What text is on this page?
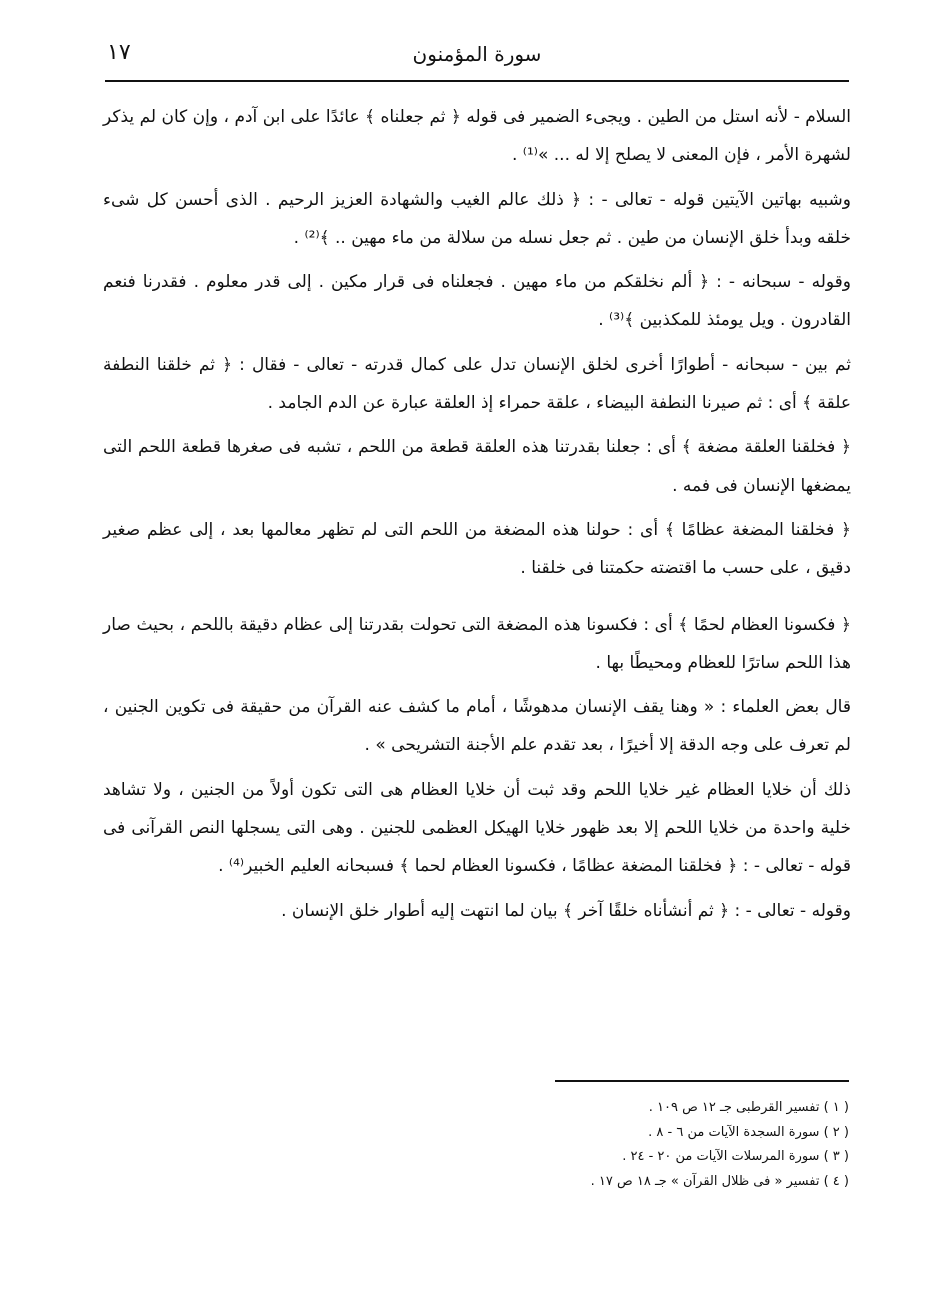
سورة المؤمنون
١٧

السلام - لأنه استل من الطين . ويجىء الضمير فى قوله ﴿ ثم جعلناه ﴾ عائدًا على ابن آدم ، وإن كان لم يذكر لشهرة الأمر ، فإن المعنى لا يصلح إلا له ... »⁽¹⁾ .

وشبيه بهاتين الآيتين قوله - تعالى - : ﴿ ذلك عالم الغيب والشهادة العزيز الرحيم . الذى أحسن كل شىء خلقه وبدأ خلق الإنسان من طين . ثم جعل نسله من سلالة من ماء مهين .. ﴾⁽²⁾ .

وقوله - سبحانه - : ﴿ ألم نخلقكم من ماء مهين . فجعلناه فى قرار مكين . إلى قدر معلوم . فقدرنا فنعم القادرون . ويل يومئذ للمكذبين ﴾⁽³⁾ .

ثم بين - سبحانه - أطوارًا أخرى لخلق الإنسان تدل على كمال قدرته - تعالى - فقال : ﴿ ثم خلقنا النطفة علقة ﴾ أى : ثم صيرنا النطفة البيضاء ، علقة حمراء إذ العلقة عبارة عن الدم الجامد .

﴿ فخلقنا العلقة مضغة ﴾ أى : جعلنا بقدرتنا هذه العلقة قطعة من اللحم ، تشبه فى صغرها قطعة اللحم التى يمضغها الإنسان فى فمه .

﴿ فخلقنا المضغة عظامًا ﴾ أى : حولنا هذه المضغة من اللحم التى لم تظهر معالمها بعد ، إلى عظم صغير دقيق ، على حسب ما اقتضته حكمتنا فى خلقنا .

﴿ فكسونا العظام لحمًا ﴾ أى : فكسونا هذه المضغة التى تحولت بقدرتنا إلى عظام دقيقة باللحم ، بحيث صار هذا اللحم ساترًا للعظام ومحيطًا بها .

قال بعض العلماء : « وهنا يقف الإنسان مدهوشًا ، أمام ما كشف عنه القرآن من حقيقة فى تكوين الجنين ، لم تعرف على وجه الدقة إلا أخيرًا ، بعد تقدم علم الأجنة التشريحى » .

ذلك أن خلايا العظام غير خلايا اللحم وقد ثبت أن خلايا العظام هى التى تكون أولاً من الجنين ، ولا تشاهد خلية واحدة من خلايا اللحم إلا بعد ظهور خلايا الهيكل العظمى للجنين . وهى التى يسجلها النص القرآنى فى قوله - تعالى - : ﴿ فخلقنا المضغة عظامًا ، فكسونا العظام لحما ﴾ فسبحانه العليم الخبير⁽⁴⁾ .

وقوله - تعالى - : ﴿ ثم أنشأناه خلقًا آخر ﴾ بيان لما انتهت إليه أطوار خلق الإنسان .

( ١ ) تفسير القرطبى جـ ١٢ ص ١٠٩ .

( ٢ ) سورة السجدة الآيات من ٦ - ٨ .

( ٣ ) سورة المرسلات الآيات من ٢٠ - ٢٤ .

( ٤ ) تفسير « فى ظلال القرآن » جـ ١٨ ص ١٧ .
